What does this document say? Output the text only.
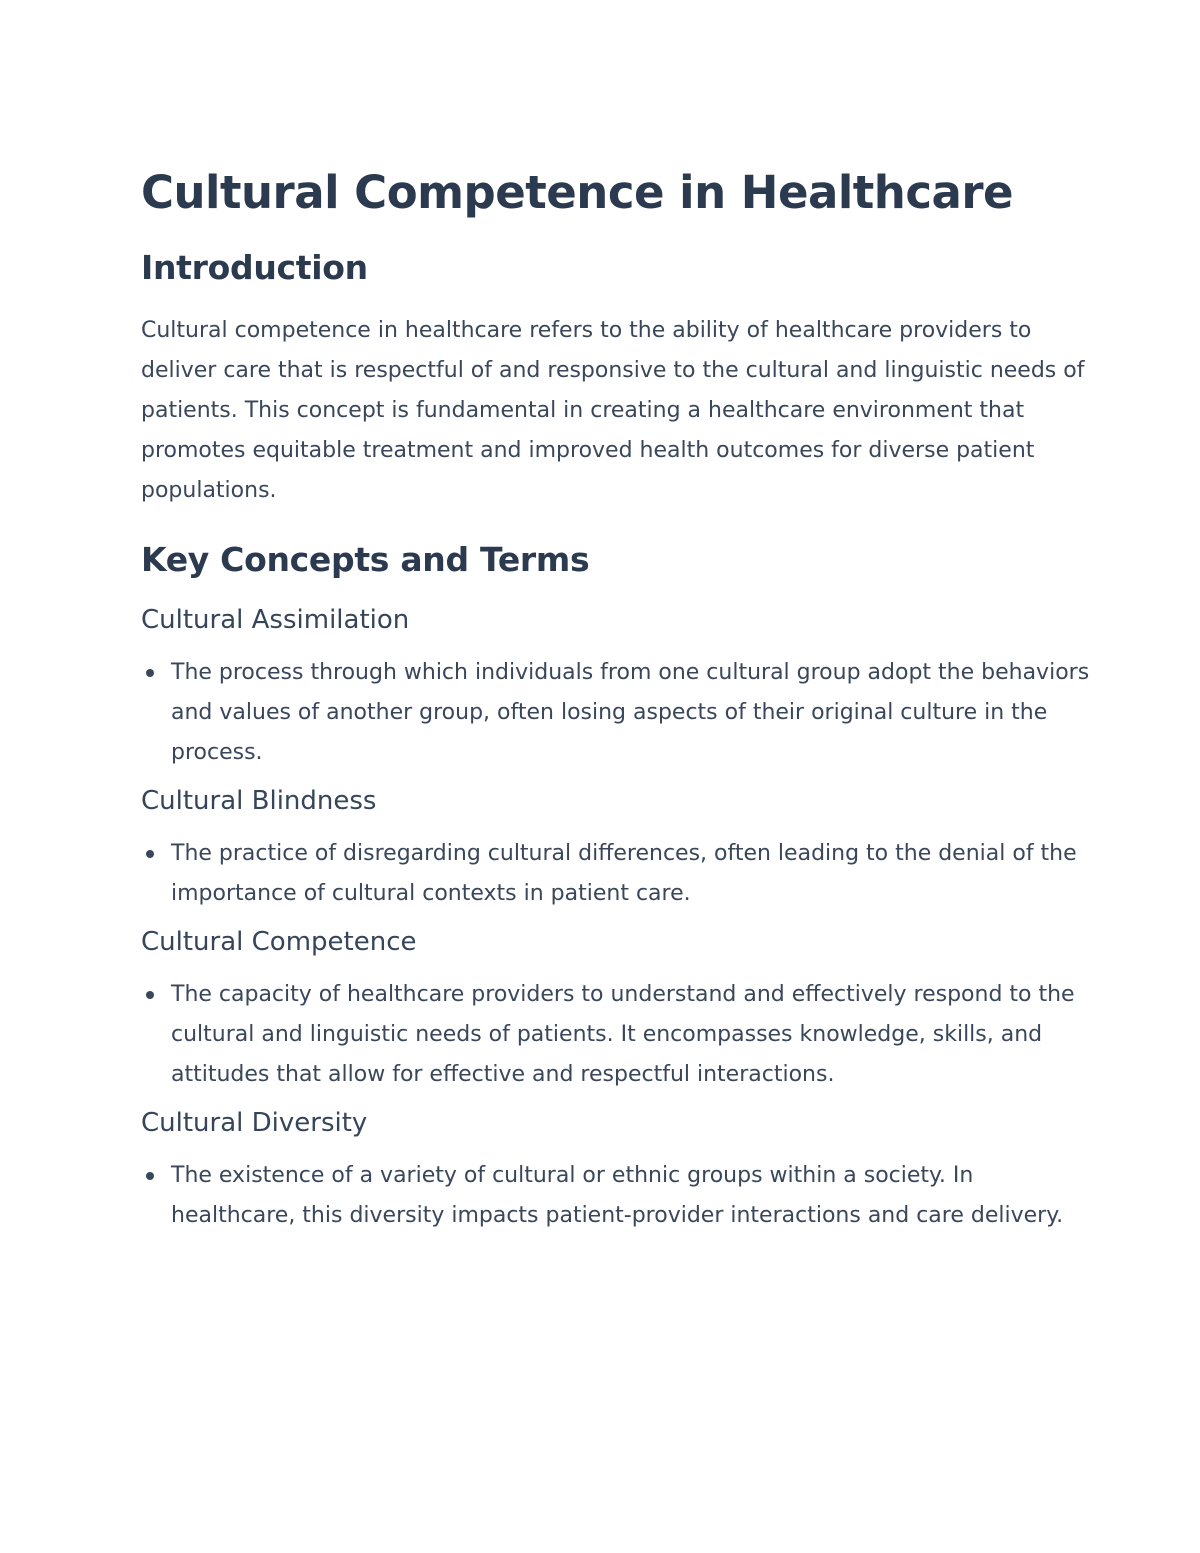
Cultural Competence in Healthcare
Introduction

Cultural competence in healthcare refers to the ability of healthcare providers to deliver care that is respectful of and responsive to the cultural and linguistic needs of patients. This concept is fundamental in creating a healthcare environment that promotes equitable treatment and improved health outcomes for diverse patient populations.

Key Concepts and Terms
Cultural Assimilation
The process through which individuals from one cultural group adopt the behaviors and values of another group, often losing aspects of their original culture in the process.
Cultural Blindness
The practice of disregarding cultural differences, often leading to the denial of the importance of cultural contexts in patient care.
Cultural Competence
The capacity of healthcare providers to understand and effectively respond to the cultural and linguistic needs of patients. It encompasses knowledge, skills, and attitudes that allow for effective and respectful interactions.
Cultural Diversity
The existence of a variety of cultural or ethnic groups within a society. In healthcare, this diversity impacts patient-provider interactions and care delivery.
